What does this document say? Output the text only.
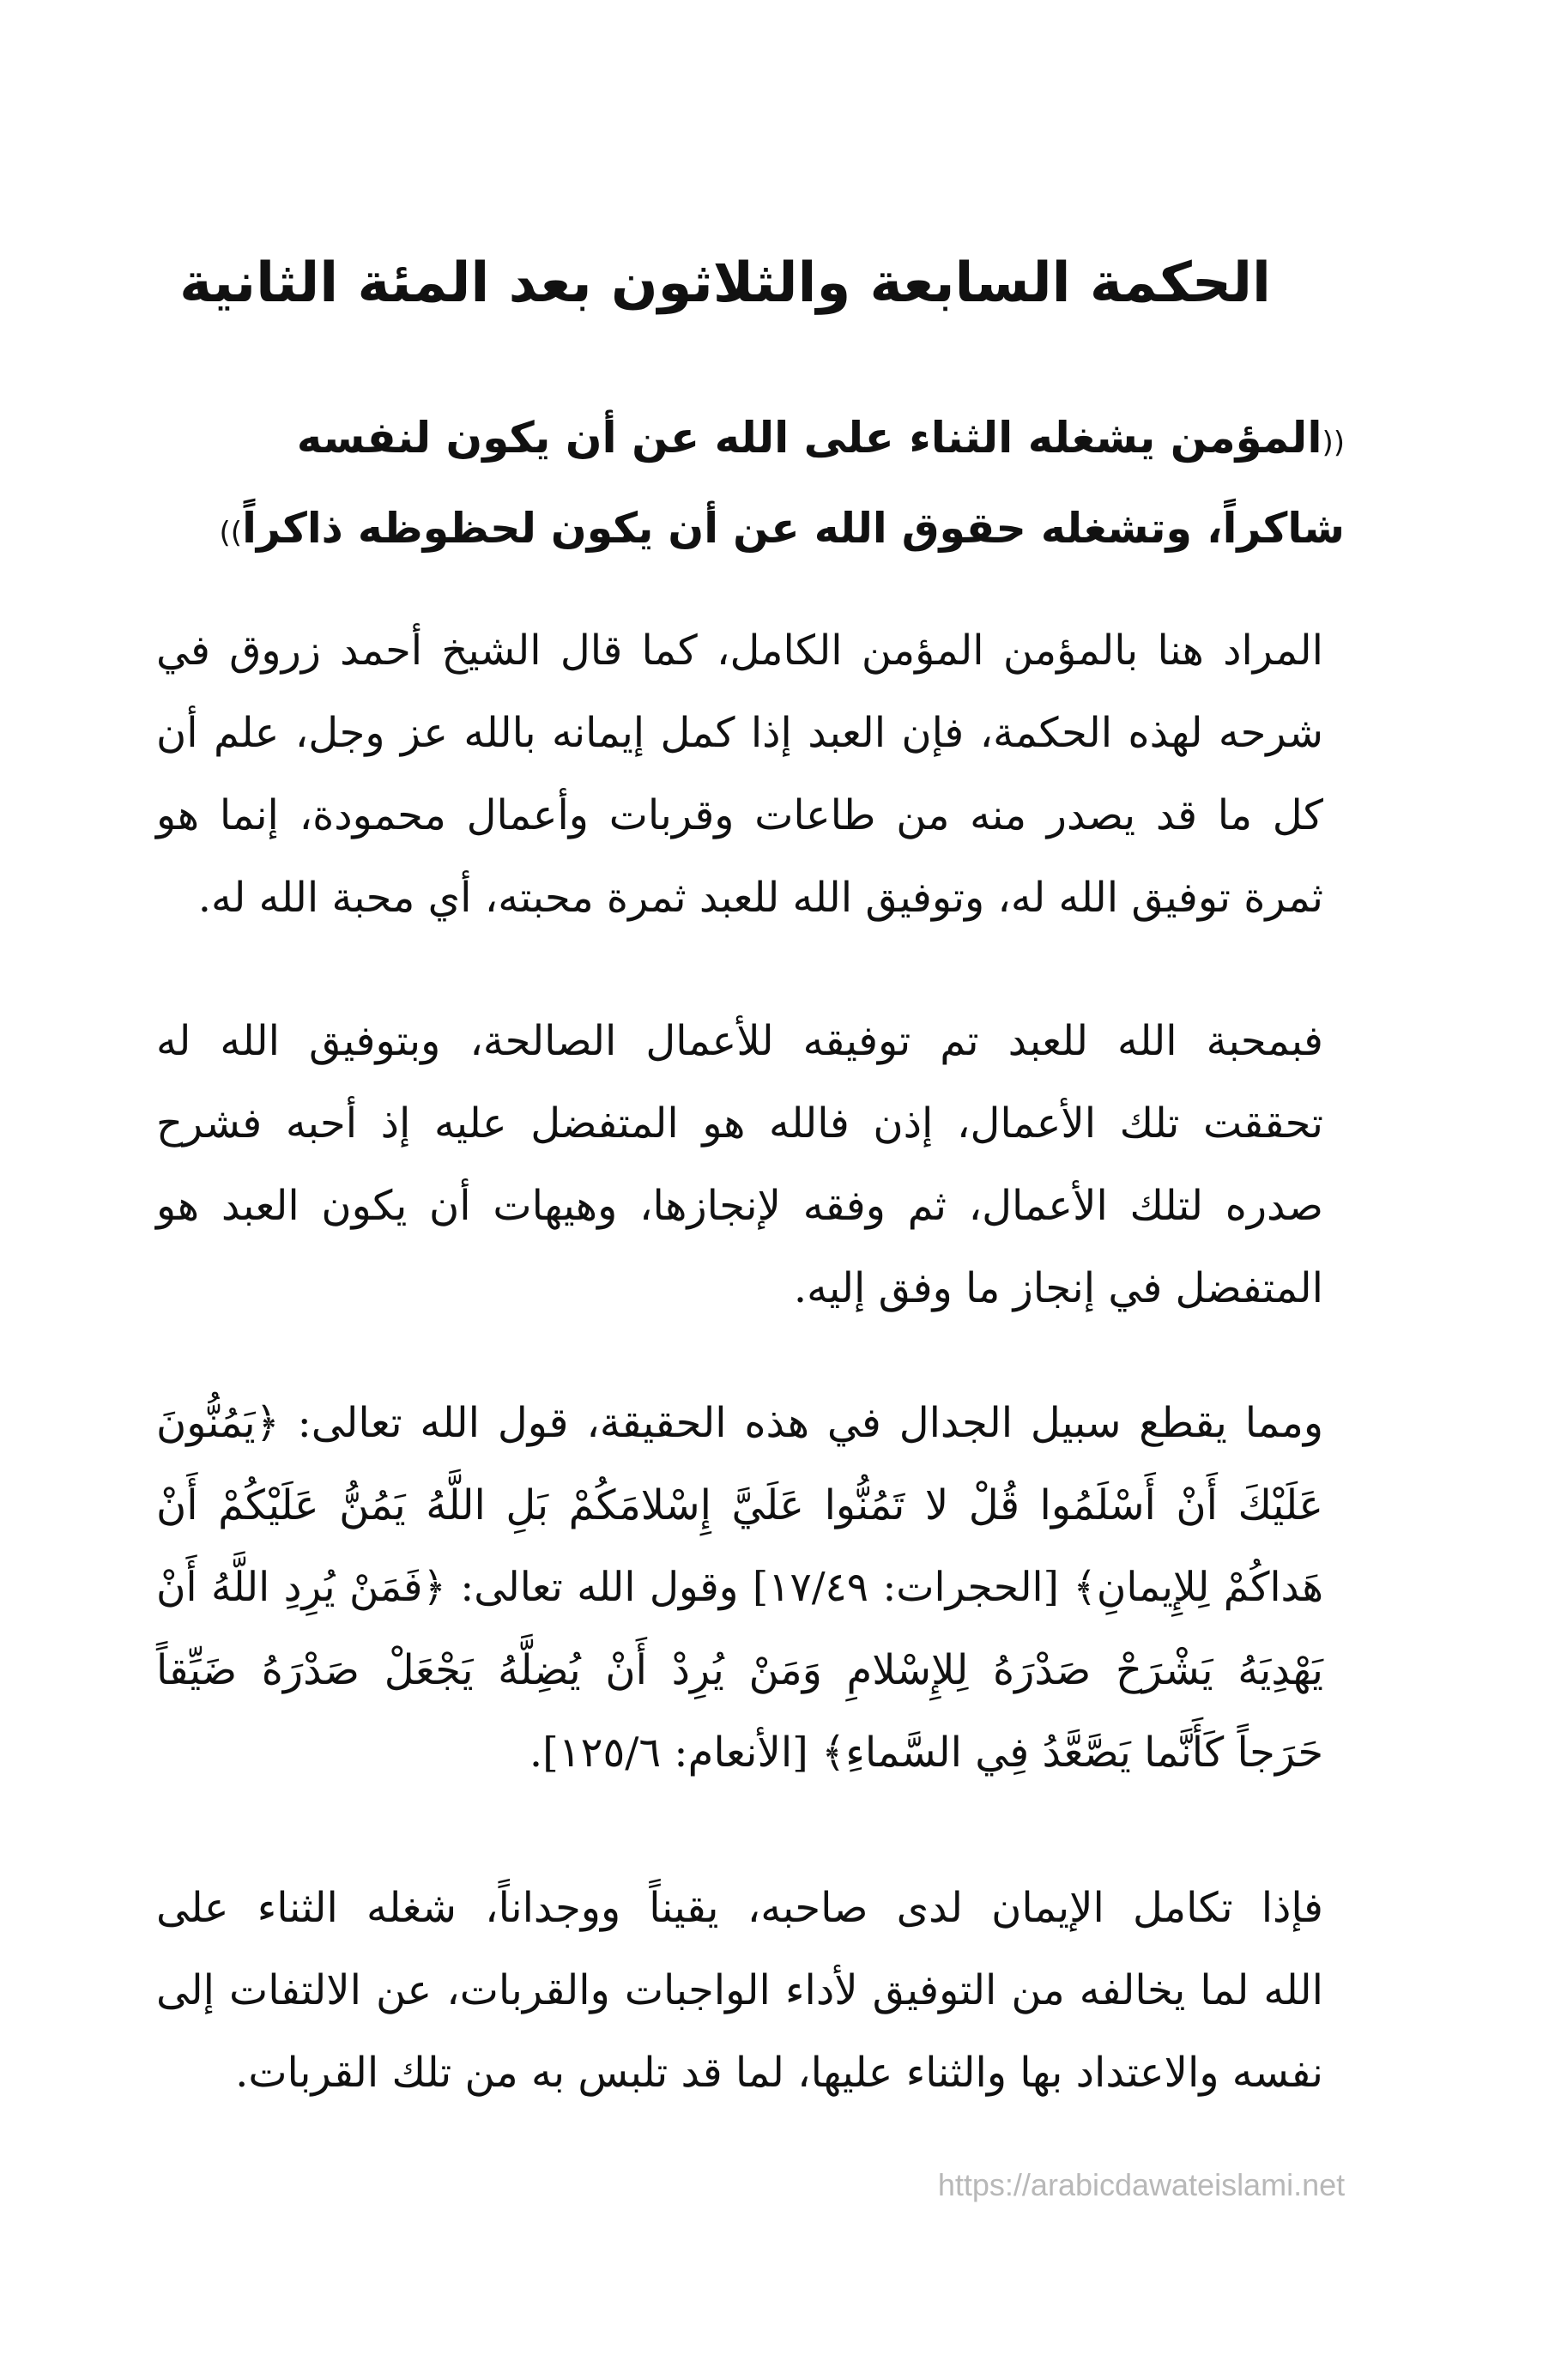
الحكمة السابعة والثلاثون بعد المئة الثانية
((المؤمن يشغله الثناء على الله عن أن يكون لنفسه
شاكراً، وتشغله حقوق الله عن أن يكون لحظوظه ذاكراً))
المراد هنا بالمؤمن المؤمن الكامل، كما قال الشيخ أحمد زروق في
شرحه لهذه الحكمة، فإن العبد إذا كمل إيمانه بالله عز وجل، علم أن
كل ما قد يصدر منه من طاعات وقربات وأعمال محمودة، إنما هو
ثمرة توفيق الله له، وتوفيق الله للعبد ثمرة محبته، أي محبة الله له.
فبمحبة الله للعبد تم توفيقه للأعمال الصالحة، وبتوفيق الله له
تحققت تلك الأعمال، إذن فالله هو المتفضل عليه إذ أحبه فشرح
صدره لتلك الأعمال، ثم وفقه لإنجازها، وهيهات أن يكون العبد هو
المتفضل في إنجاز ما وفق إليه.
ومما يقطع سبيل الجدال في هذه الحقيقة، قول الله تعالى: ﴿يَمُنُّونَ
عَلَيْكَ أَنْ أَسْلَمُوا قُلْ لا تَمُنُّوا عَلَيَّ إِسْلامَكُمْ بَلِ اللَّهُ يَمُنُّ عَلَيْكُمْ أَنْ
هَداكُمْ لِلإِيمانِ﴾ [الحجرات: ١٧/٤٩] وقول الله تعالى: ﴿فَمَنْ يُرِدِ اللَّهُ أَنْ
يَهْدِيَهُ يَشْرَحْ صَدْرَهُ لِلإِسْلامِ وَمَنْ يُرِدْ أَنْ يُضِلَّهُ يَجْعَلْ صَدْرَهُ ضَيِّقاً
حَرَجاً كَأَنَّما يَصَّعَّدُ فِي السَّماءِ﴾ [الأنعام: ١٢٥/٦].
فإذا تكامل الإيمان لدى صاحبه، يقيناً ووجداناً، شغله الثناء على
الله لما يخالفه من التوفيق لأداء الواجبات والقربات، عن الالتفات إلى
نفسه والاعتداد بها والثناء عليها، لما قد تلبس به من تلك القربات.
https://arabicdawateislami.net
